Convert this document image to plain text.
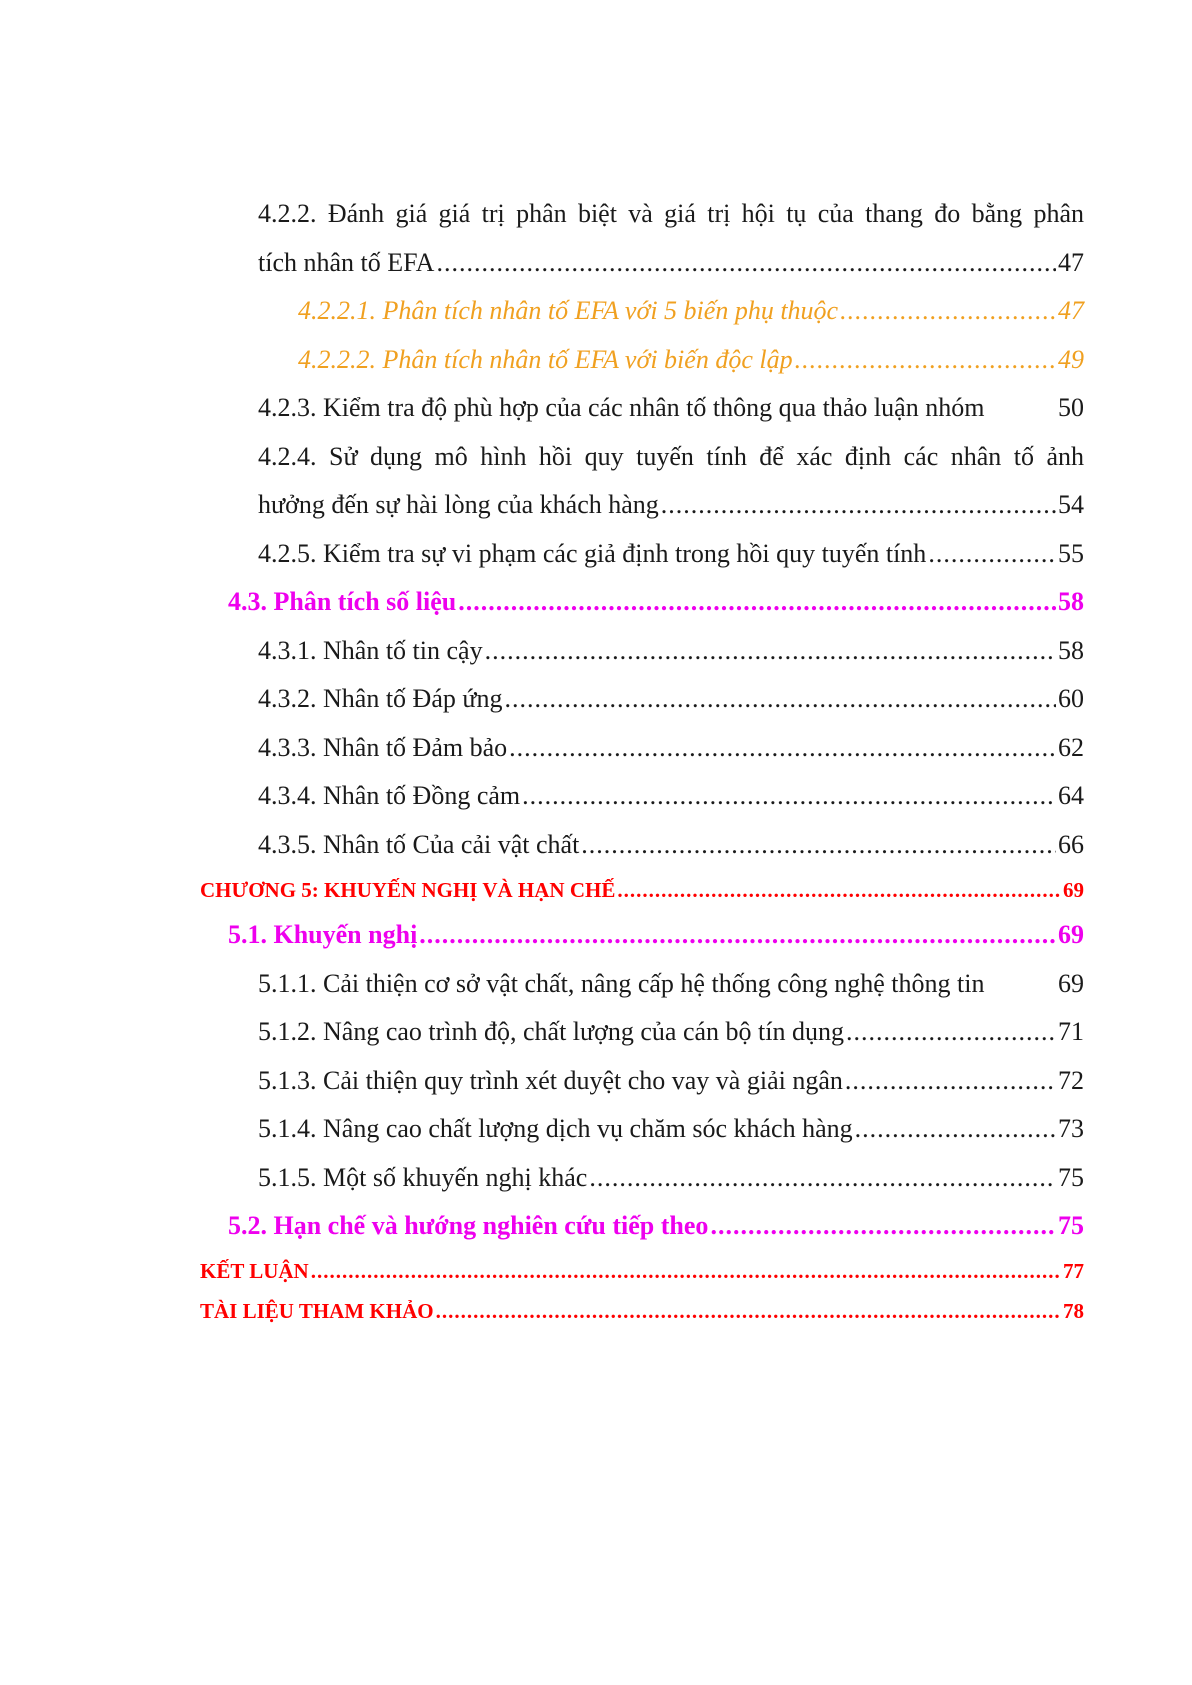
4.2.2. Đánh giá giá trị phân biệt và giá trị hội tụ của thang đo bằng phân
tích nhân tố EFA .....	47
4.2.2.1. Phân tích nhân tố EFA với 5 biến phụ thuộc .....	47
4.2.2.2. Phân tích nhân tố EFA với biến độc lập .....	49
4.2.3. Kiểm tra độ phù hợp của các nhân tố thông qua thảo luận nhóm	50
4.2.4. Sử dụng mô hình hồi quy tuyến tính để xác định các nhân tố ảnh
hưởng đến sự hài lòng của khách hàng .....	54
4.2.5. Kiểm tra sự vi phạm các giả định trong hồi quy tuyến tính .....	55
4.3. Phân tích số liệu .....	58
4.3.1. Nhân tố tin cậy .....	58
4.3.2. Nhân tố Đáp ứng .....	60
4.3.3. Nhân tố Đảm bảo .....	62
4.3.4. Nhân tố Đồng cảm .....	64
4.3.5. Nhân tố Của cải vật chất .....	66
CHƯƠNG 5: KHUYẾN NGHỊ VÀ HẠN CHẾ .....	69
5.1. Khuyến nghị .....	69
5.1.1. Cải thiện cơ sở vật chất, nâng cấp hệ thống công nghệ thông tin	69
5.1.2. Nâng cao trình độ, chất lượng của cán bộ tín dụng .....	71
5.1.3. Cải thiện quy trình xét duyệt cho vay và giải ngân .....	72
5.1.4. Nâng cao chất lượng dịch vụ chăm sóc khách hàng .....	73
5.1.5. Một số khuyến nghị khác .....	75
5.2. Hạn chế và hướng nghiên cứu tiếp theo .....	75
KẾT LUẬN .....	77
TÀI LIỆU THAM KHẢO .....	78
